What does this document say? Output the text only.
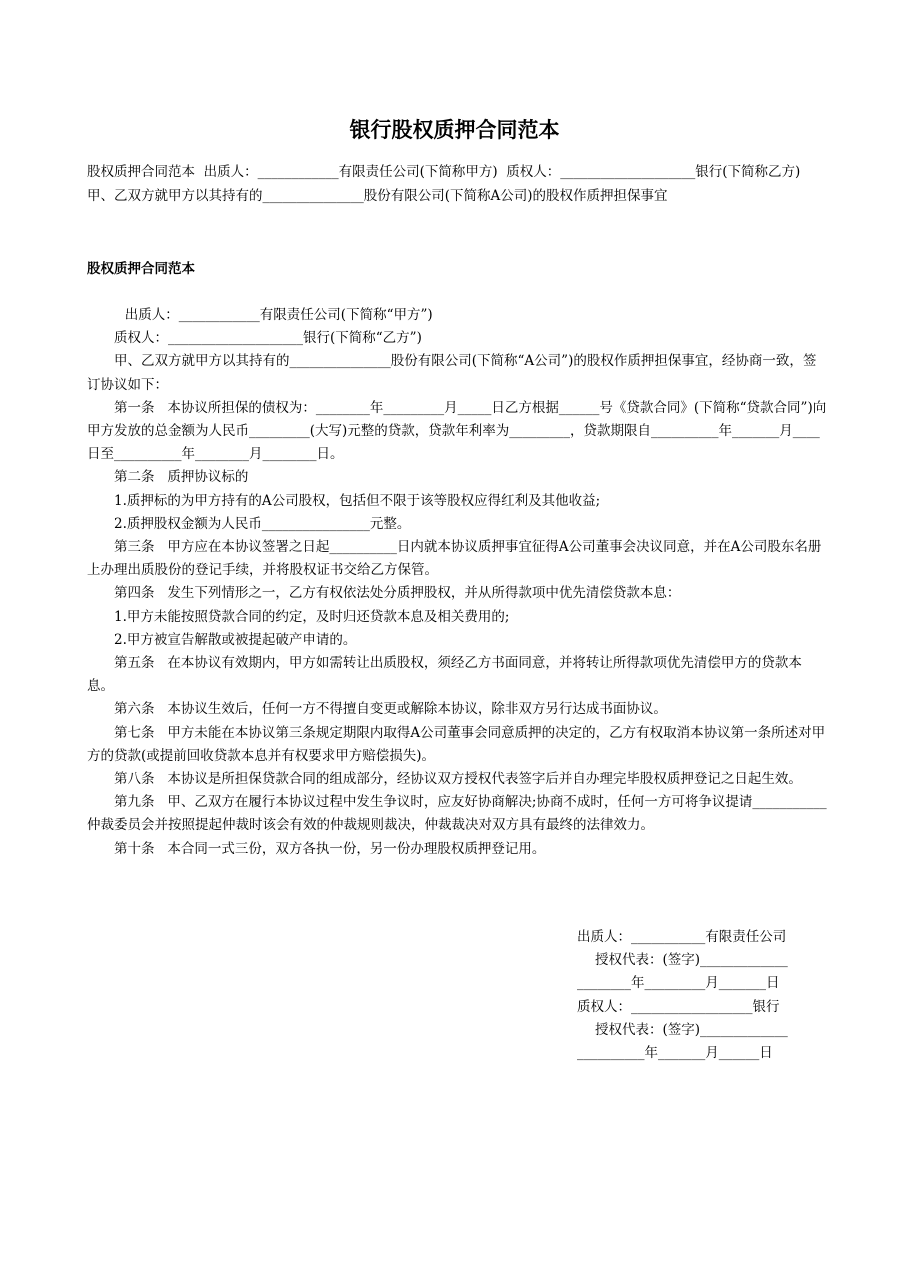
银行股权质押合同范本
股权质押合同范本  出质人：____________有限责任公司(下简称甲方)  质权人：____________________银行(下简称乙方)  甲、乙双方就甲方以其持有的_______________股份有限公司(下简称A公司)的股权作质押担保事宜
股权质押合同范本

出质人：____________有限责任公司(下简称“甲方”)

质权人：____________________银行(下简称“乙方”)

甲、乙双方就甲方以其持有的_______________股份有限公司(下简称“A公司”)的股权作质押担保事宜，经协商一致，签订协议如下：

第一条   本协议所担保的债权为：________年_________月_____日乙方根据______号《贷款合同》(下简称“贷款合同”)向甲方发放的总金额为人民币_________(大写)元整的贷款，贷款年利率为_________，贷款期限自__________年_______月____日至__________年________月________日。

第二条   质押协议标的

1.质押标的为甲方持有的A公司股权，包括但不限于该等股权应得红利及其他收益;

2.质押股权金额为人民币________________元整。

第三条   甲方应在本协议签署之日起__________日内就本协议质押事宜征得A公司董事会决议同意，并在A公司股东名册上办理出质股份的登记手续，并将股权证书交给乙方保管。

第四条   发生下列情形之一，乙方有权依法处分质押股权，并从所得款项中优先清偿贷款本息：

1.甲方未能按照贷款合同的约定，及时归还贷款本息及相关费用的;

2.甲方被宣告解散或被提起破产申请的。

第五条   在本协议有效期内，甲方如需转让出质股权，须经乙方书面同意，并将转让所得款项优先清偿甲方的贷款本息。

第六条   本协议生效后，任何一方不得擅自变更或解除本协议，除非双方另行达成书面协议。

第七条   甲方未能在本协议第三条规定期限内取得A公司董事会同意质押的决定的，乙方有权取消本协议第一条所述对甲方的贷款(或提前回收贷款本息并有权要求甲方赔偿损失)。

第八条   本协议是所担保贷款合同的组成部分，经协议双方授权代表签字后并自办理完毕股权质押登记之日起生效。

第九条   甲、乙双方在履行本协议过程中发生争议时，应友好协商解决;协商不成时，任何一方可将争议提请___________仲裁委员会并按照提起仲裁时该会有效的仲裁规则裁决，仲裁裁决对双方具有最终的法律效力。

第十条   本合同一式三份，双方各执一份，另一份办理股权质押登记用。

出质人：___________有限责任公司

授权代表：(签字)_____________

________年_________月_______日

质权人：__________________银行

授权代表：(签字)_____________

__________年_______月______日
